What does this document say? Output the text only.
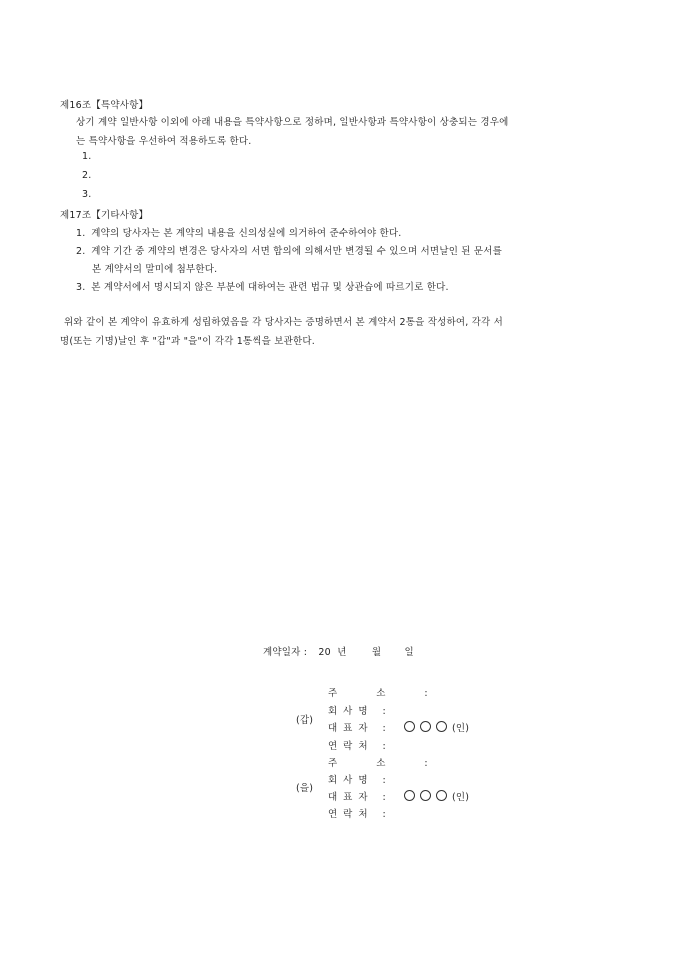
제16조【특약사항】
상기 계약 일반사항 이외에 아래 내용을 특약사항으로 정하며, 일반사항과 특약사항이 상충되는 경우에
는 특약사항을 우선하여 적용하도록 한다.
1.
2.
3.
제17조【기타사항】
1. 계약의 당사자는 본 계약의 내용을 신의성실에 의거하여 준수하여야 한다.
2. 계약 기간 중 계약의 변경은 당사자의 서면 합의에 의해서만 변경될 수 있으며 서면날인 된 문서를
본 계약서의 말미에 첨부한다.
3. 본 계약서에서 명시되지 않은 부분에 대하여는 관련 법규 및 상관습에 따르기로 한다.
위와 같이 본 계약이 유효하게 성립하였음을 각 당사자는 증명하면서 본 계약서 2통을 작성하여, 각각 서
명(또는 기명)날인 후 "갑"과 "을"이 각각 1통씩을 보관한다.
계약일자 : 20  년	월 일
(갑)
주 소 :
회사명 :
대표자 :	(인)
연락처 :
(을)
주 소 :
회사명 :
대표자 :	(인)
연락처 :
